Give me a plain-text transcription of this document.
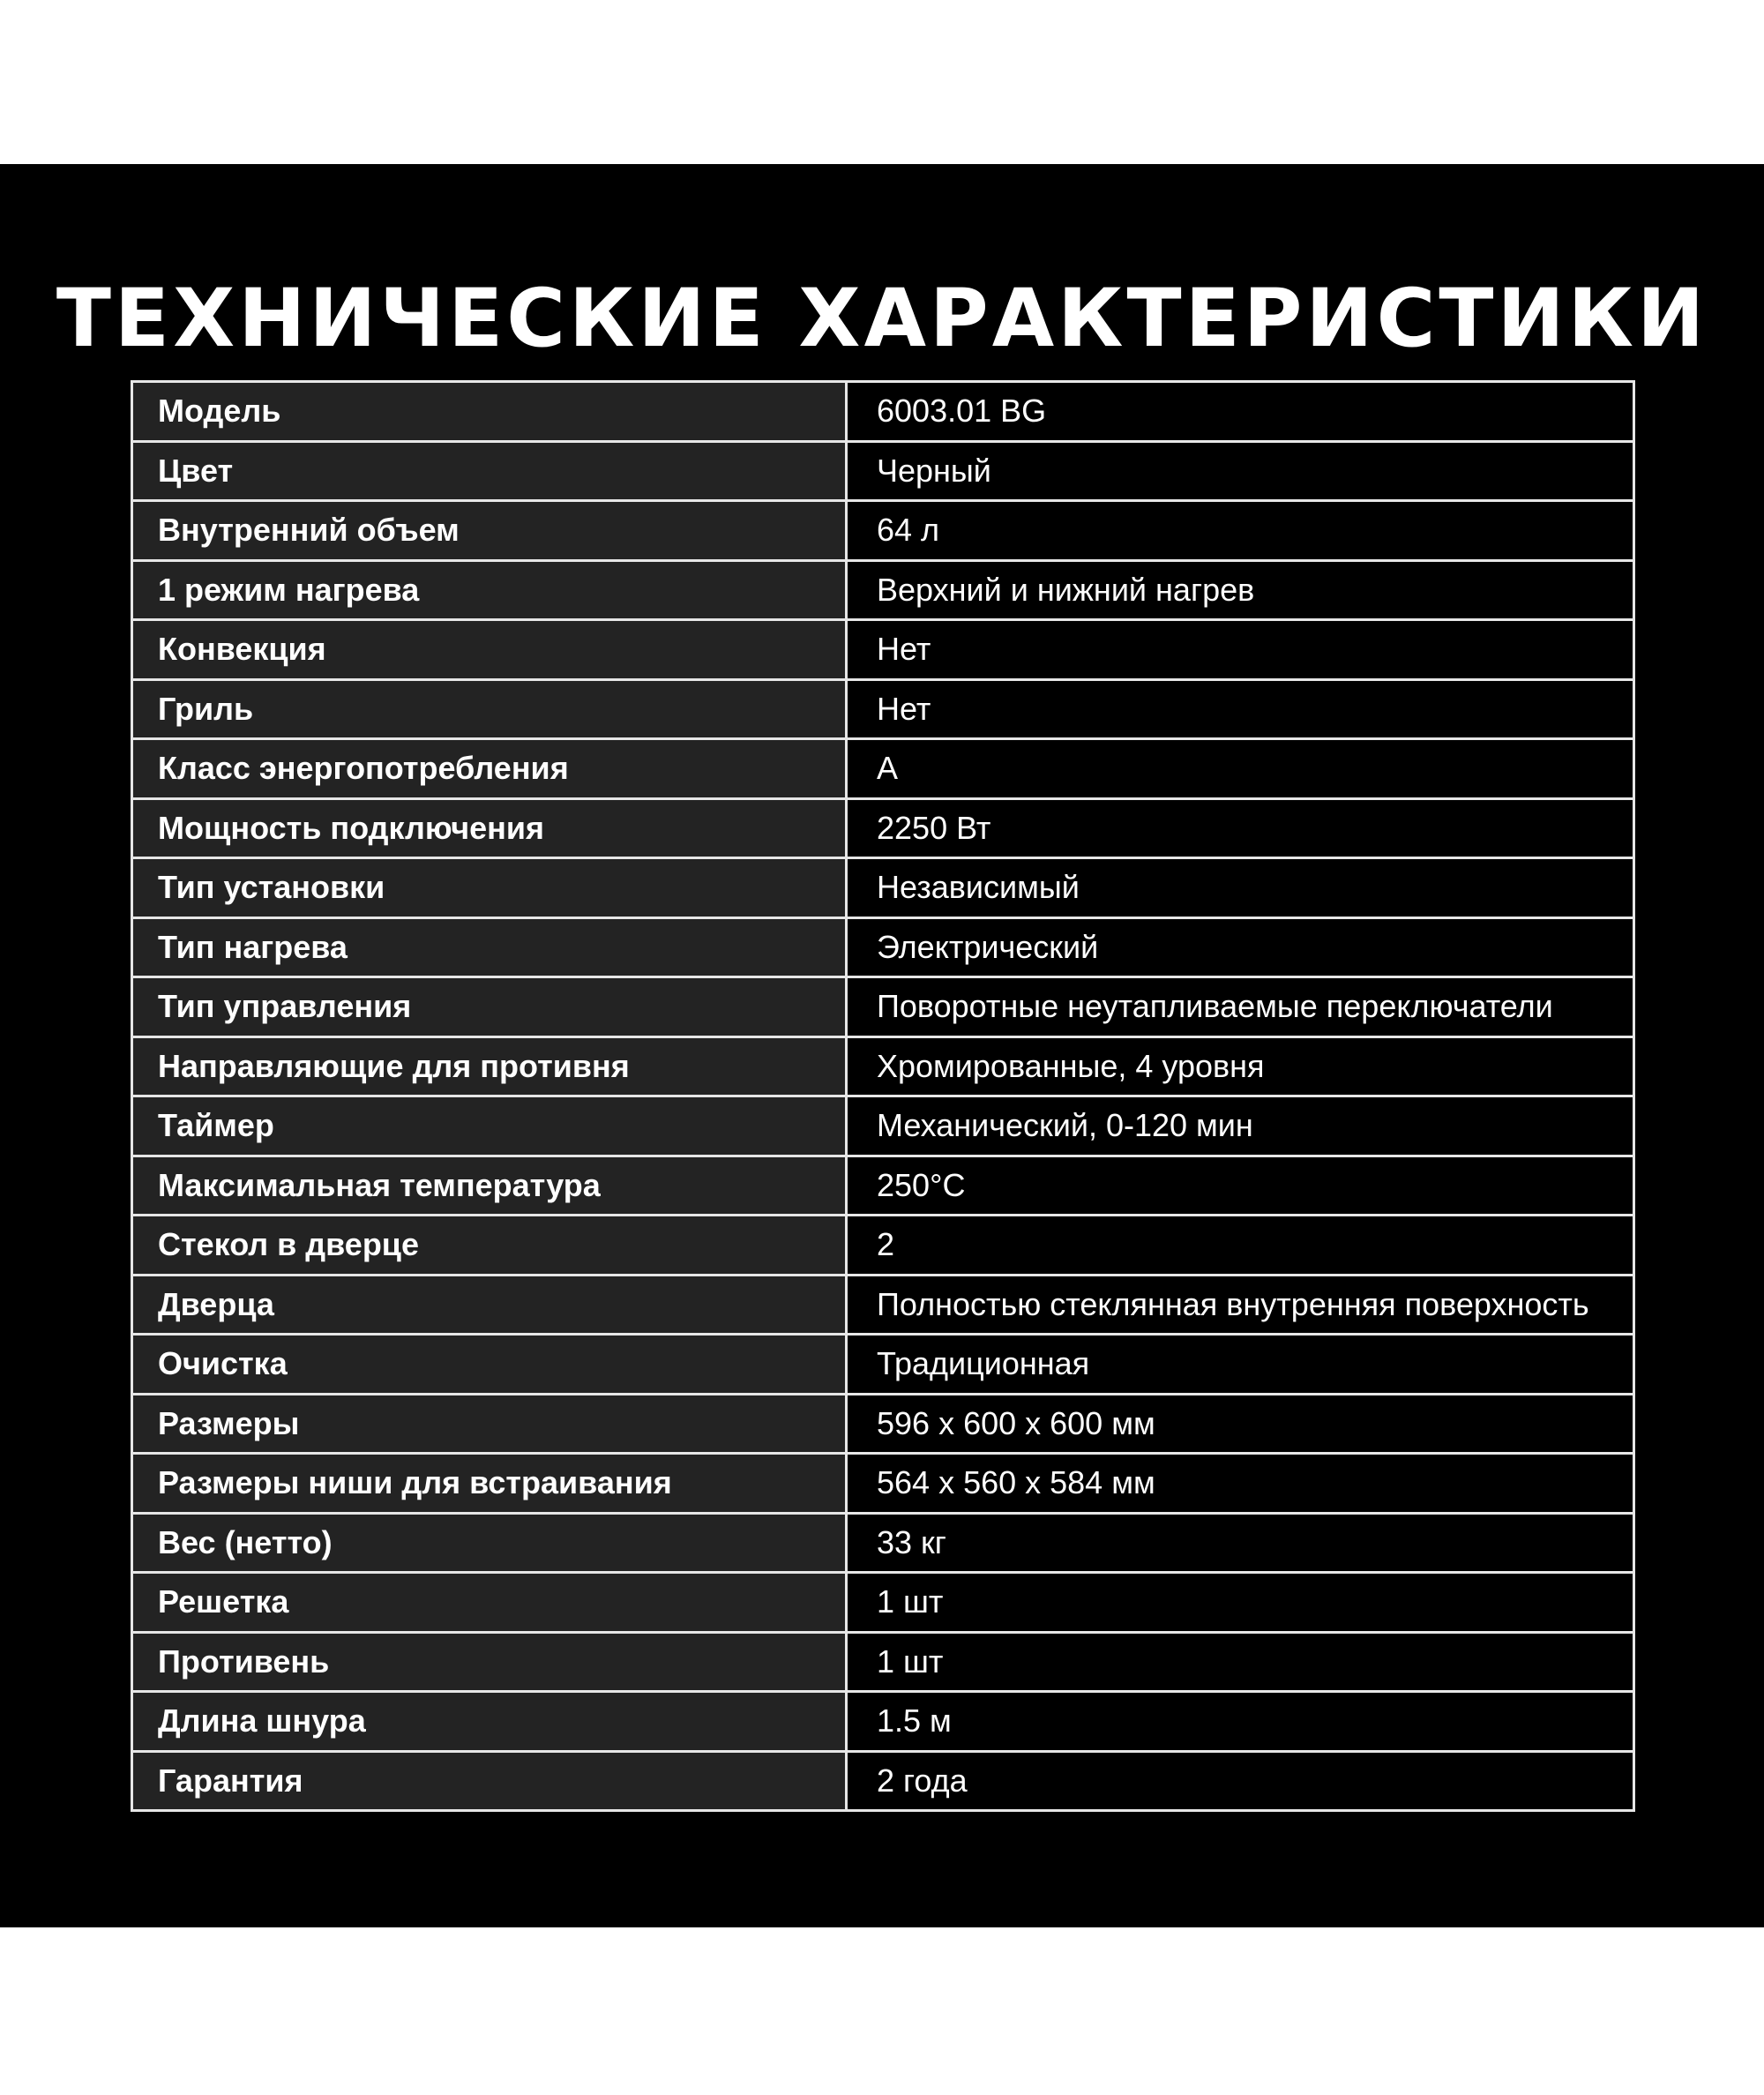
ТЕХНИЧЕСКИЕ ХАРАКТЕРИСТИКИ
Модель	6003.01 BG
Цвет	Черный
Внутренний объем	64 л
1 режим нагрева	Верхний и нижний нагрев
Конвекция	Нет
Гриль	Нет
Класс энергопотребления	A
Мощность подключения	2250 Вт
Тип установки	Независимый
Тип нагрева	Электрический
Тип управления	Поворотные неутапливаемые переключатели
Направляющие для противня	Хромированные, 4 уровня
Таймер	Механический, 0-120 мин
Максимальная температура	250°C
Стекол в дверце	2
Дверца	Полностью стеклянная внутренняя поверхность
Очистка	Традиционная
Размеры	596 x 600 x 600 мм
Размеры ниши для встраивания	564 x 560 x 584 мм
Вес (нетто)	33 кг
Решетка	1 шт
Противень	1 шт
Длина шнура	1.5 м
Гарантия	2 года
